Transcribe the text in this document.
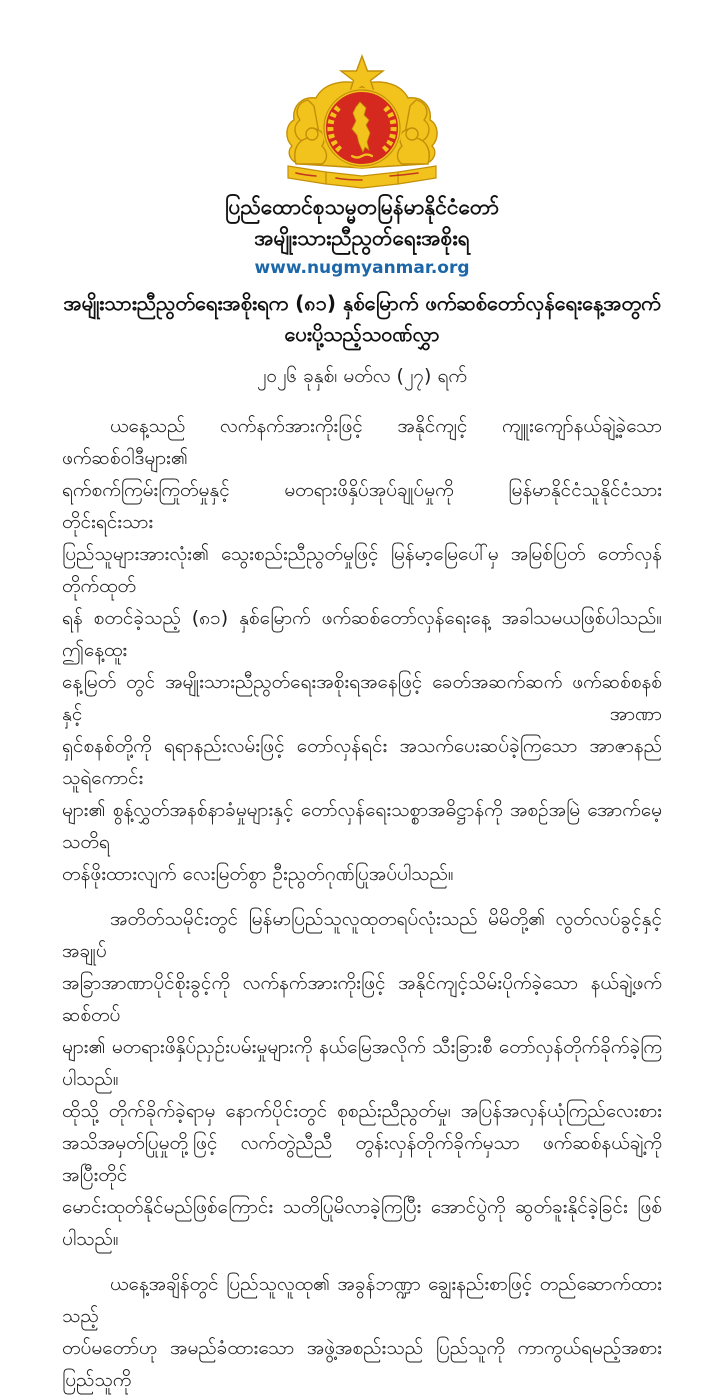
ပြည်ထောင်စုသမ္မတမြန်မာနိုင်ငံတော်
အမျိုးသားညီညွတ်ရေးအစိုးရ
www.nugmyanmar.org
အမျိုးသားညီညွတ်ရေးအစိုးရက (၈၁) နှစ်မြောက် ဖက်ဆစ်တော်လှန်ရေးနေ့အတွက်
ပေးပို့သည့်သဝဏ်လွှာ
၂၀၂၆ ခုနှစ်၊ မတ်လ (၂၇) ရက်
ယနေ့သည် လက်နက်အားကိုးဖြင့် အနိုင်ကျင့် ကျူးကျော်နယ်ချဲ့ခဲ့သော ဖက်ဆစ်ဝါဒီများ၏
ရက်စက်ကြမ်းကြုတ်မှုနှင့် မတရားဖိနှိပ်အုပ်ချုပ်မှုကို မြန်မာနိုင်ငံသူနိုင်ငံသား တိုင်းရင်းသား
ပြည်သူများအားလုံး၏ သွေးစည်းညီညွတ်မှုဖြင့် မြန်မာ့မြေပေါ်မှ အမြစ်ပြတ် တော်လှန်တိုက်ထုတ်
ရန် စတင်ခဲ့သည့် (၈၁) နှစ်မြောက် ဖက်ဆစ်တော်လှန်ရေးနေ့ အခါသမယဖြစ်ပါသည်။ ဤနေ့ထူး
နေ့မြတ် တွင် အမျိုးသားညီညွတ်ရေးအစိုးရအနေဖြင့် ခေတ်အဆက်ဆက် ဖက်ဆစ်စနစ်နှင့် အာဏာ
ရှင်စနစ်တို့ကို ရရာနည်းလမ်းဖြင့် တော်လှန်ရင်း အသက်ပေးဆပ်ခဲ့ကြသော အာဇာနည်သူရဲကောင်း
များ၏ စွန့်လွှတ်အနစ်နာခံမှုများနှင့် တော်လှန်ရေးသစ္စာအဓိဋ္ဌာန်ကို အစဉ်အမြဲ အောက်မေ့သတိရ
တန်ဖိုးထားလျက် လေးမြတ်စွာ ဦးညွတ်ဂုဏ်ပြုအပ်ပါသည်။
အတိတ်သမိုင်းတွင် မြန်မာပြည်သူလူထုတရပ်လုံးသည် မိမိတို့၏ လွတ်လပ်ခွင့်နှင့် အချုပ်
အခြာအာဏာပိုင်စိုးခွင့်ကို လက်နက်အားကိုးဖြင့် အနိုင်ကျင့်သိမ်းပိုက်ခဲ့သော နယ်ချဲ့ဖက်ဆစ်တပ်
များ၏ မတရားဖိနှိပ်ညှဉ်းပမ်းမှုများကို နယ်မြေအလိုက် သီးခြားစီ တော်လှန်တိုက်ခိုက်ခဲ့ကြပါသည်။
ထိုသို့ တိုက်ခိုက်ခဲ့ရာမှ နောက်ပိုင်းတွင် စုစည်းညီညွတ်မှု၊ အပြန်အလှန်ယုံကြည်လေးစား
အသိအမှတ်ပြုမှုတို့ဖြင့် လက်တွဲညီညီ တွန်းလှန်တိုက်ခိုက်မှသာ ဖက်ဆစ်နယ်ချဲ့ကို အပြီးတိုင်
မောင်းထုတ်နိုင်မည်ဖြစ်ကြောင်း သတိပြုမိလာခဲ့ကြပြီး အောင်ပွဲကို ဆွတ်ခူးနိုင်ခဲ့ခြင်း ဖြစ်ပါသည်။
ယနေ့အချိန်တွင် ပြည်သူလူထု၏ အခွန်ဘဏ္ဍာ ချွေးနည်းစာဖြင့် တည်ဆောက်ထားသည့်
တပ်မတော်ဟု အမည်ခံထားသော အဖွဲ့အစည်းသည် ပြည်သူကို ကာကွယ်ရမည့်အစား ပြည်သူကို
